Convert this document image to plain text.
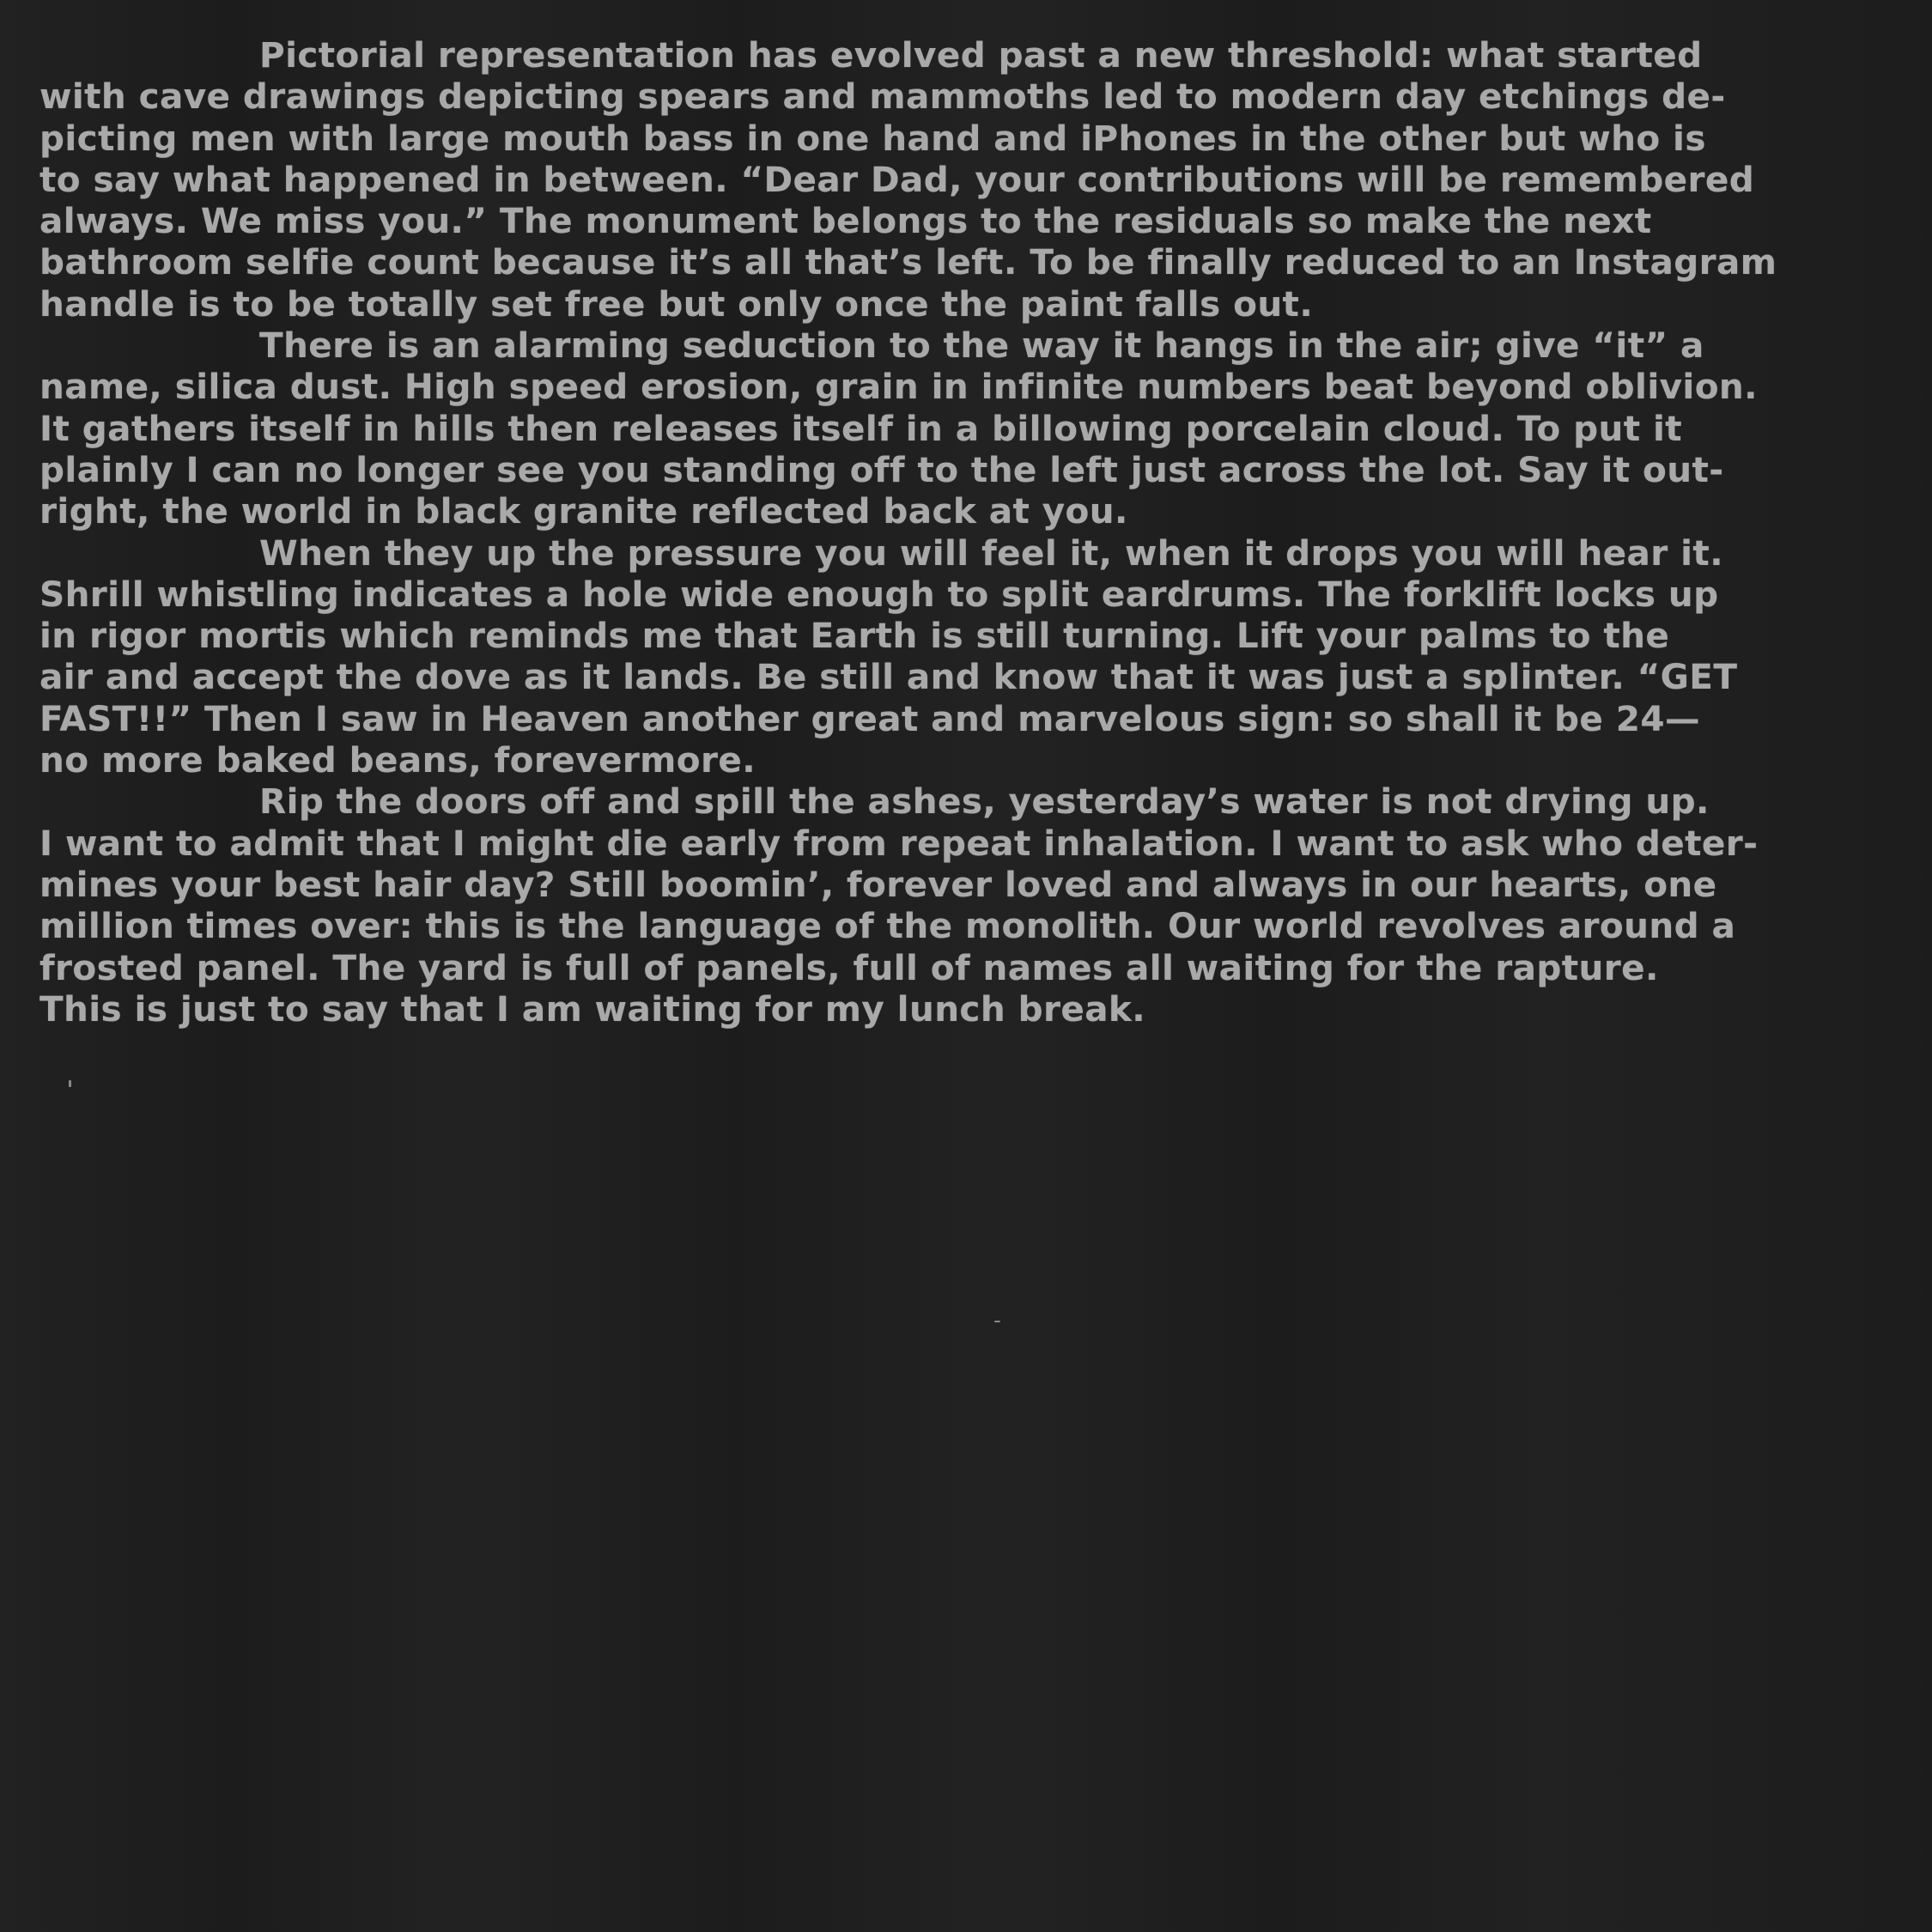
Pictorial representation has evolved past a new threshold: what started
with cave drawings depicting spears and mammoths led to modern day etchings de-
picting men with large mouth bass in one hand and iPhones in the other but who is
to say what happened in between. “Dear Dad, your contributions will be remembered
always. We miss you.” The monument belongs to the residuals so make the next
bathroom selfie count because it’s all that’s left. To be finally reduced to an Instagram
handle is to be totally set free but only once the paint falls out.
There is an alarming seduction to the way it hangs in the air; give “it” a
name, silica dust. High speed erosion, grain in infinite numbers beat beyond oblivion.
It gathers itself in hills then releases itself in a billowing porcelain cloud. To put it
plainly I can no longer see you standing off to the left just across the lot. Say it out-
right, the world in black granite reflected back at you.
When they up the pressure you will feel it, when it drops you will hear it.
Shrill whistling indicates a hole wide enough to split eardrums. The forklift locks up
in rigor mortis which reminds me that Earth is still turning. Lift your palms to the
air and accept the dove as it lands. Be still and know that it was just a splinter. “GET
FAST!!” Then I saw in Heaven another great and marvelous sign: so shall it be 24—
no more baked beans, forevermore.
Rip the doors off and spill the ashes, yesterday’s water is not drying up.
I want to admit that I might die early from repeat inhalation. I want to ask who deter-
mines your best hair day? Still boomin’, forever loved and always in our hearts, one
million times over: this is the language of the monolith. Our world revolves around a
frosted panel. The yard is full of panels, full of names all waiting for the rapture.
This is just to say that I am waiting for my lunch break.
